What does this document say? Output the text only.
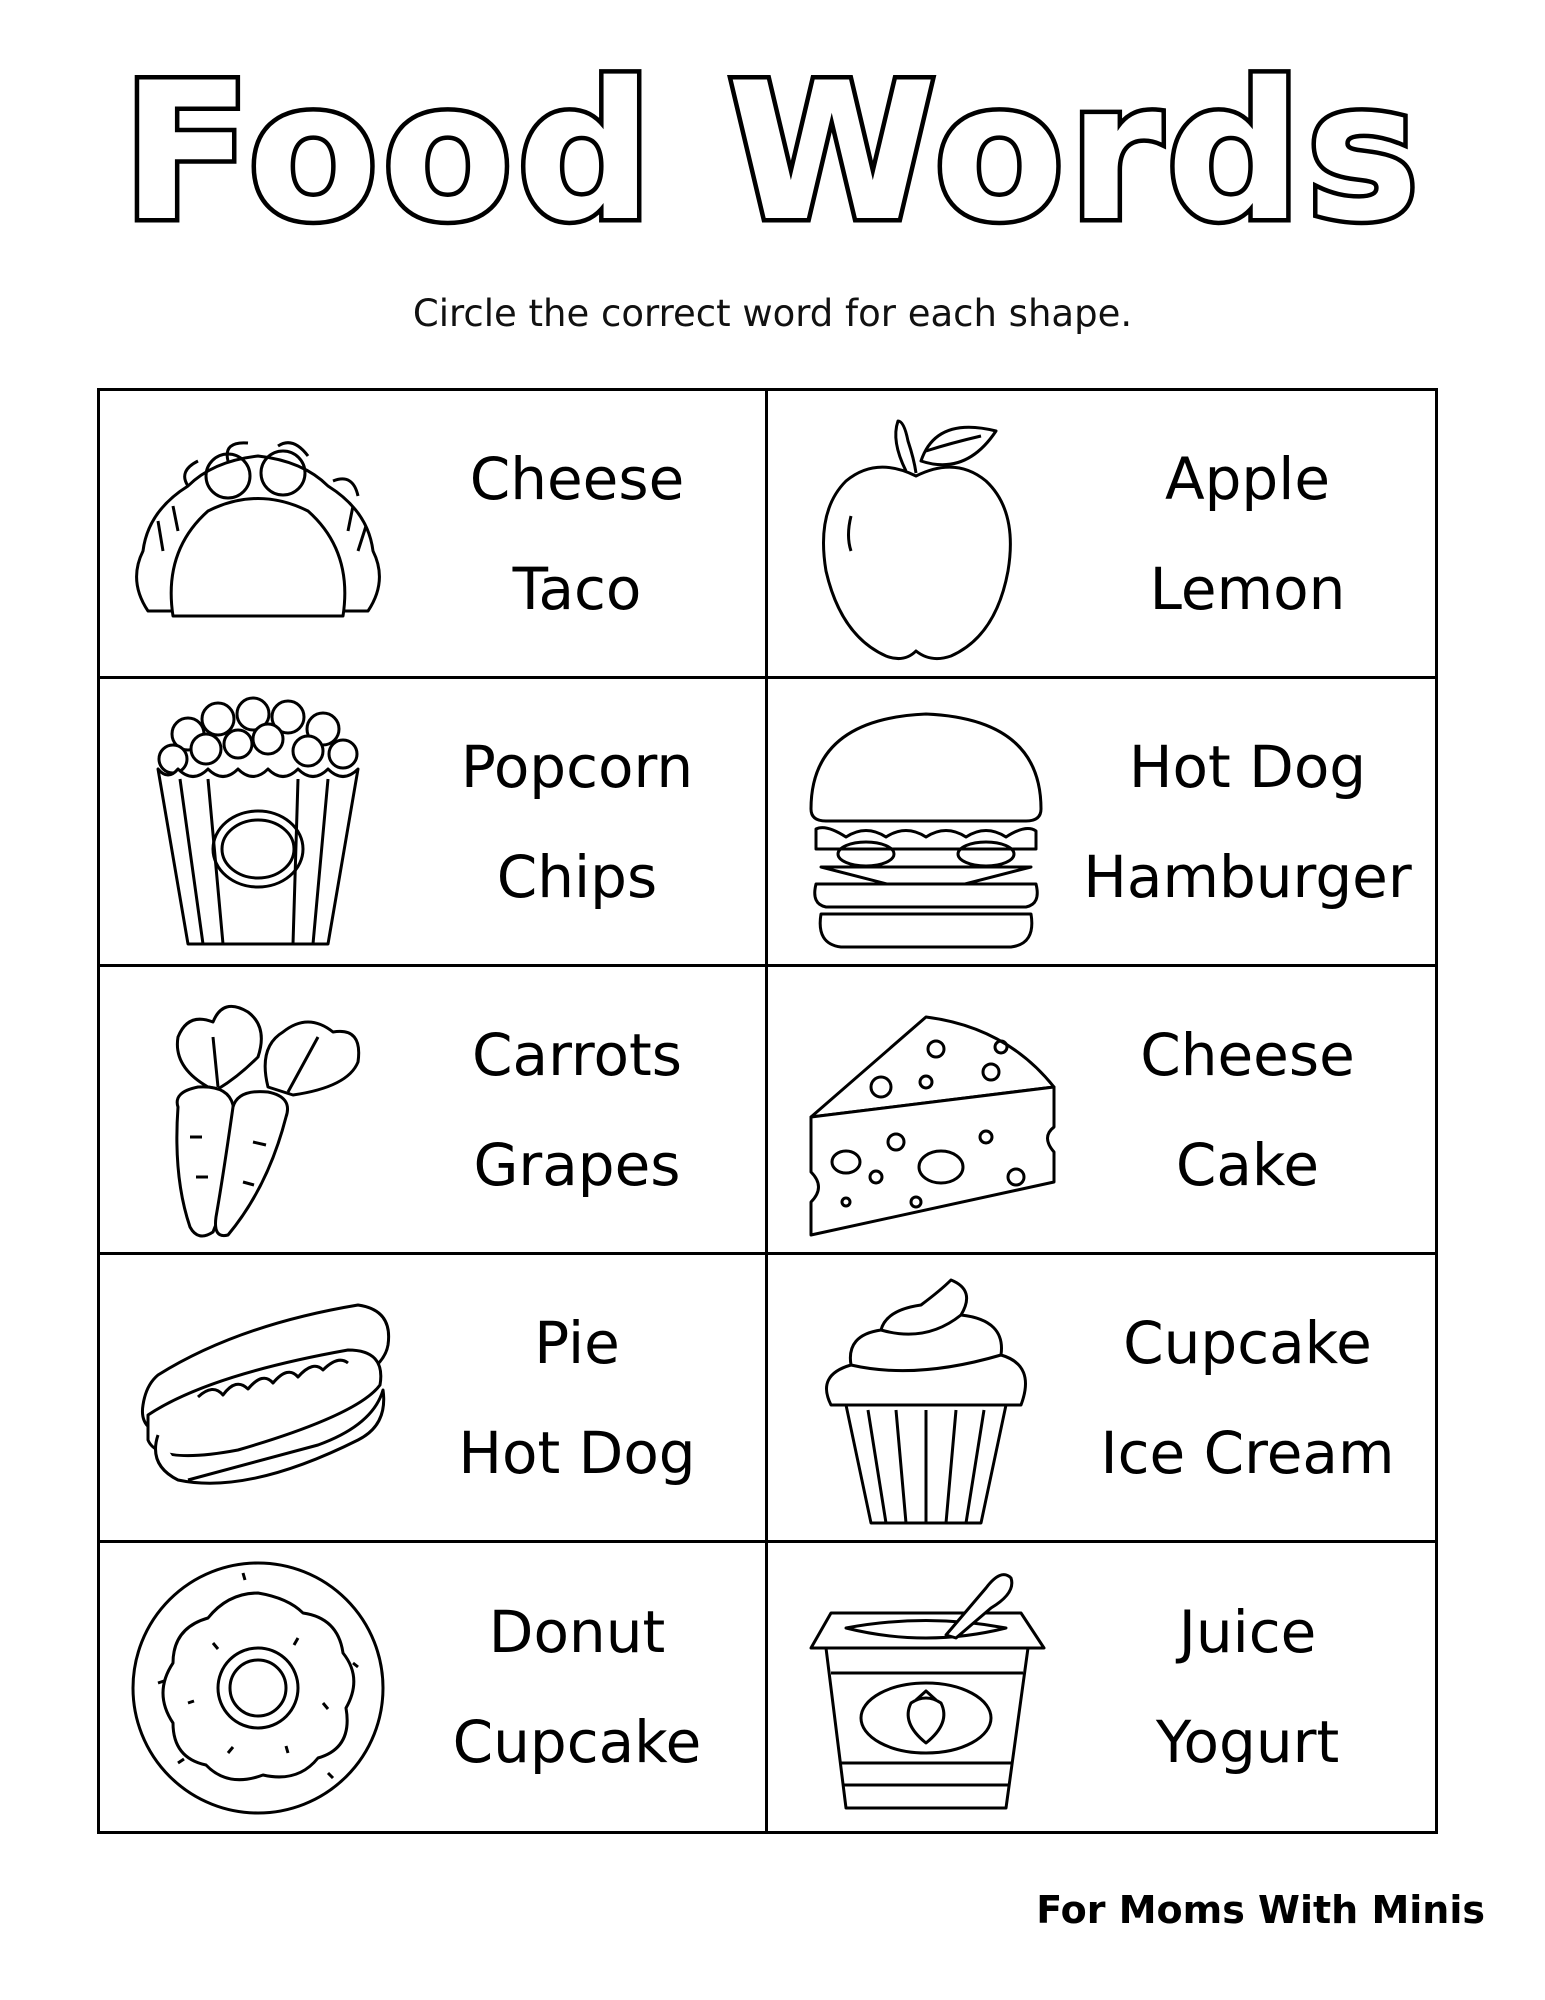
Food Words
Circle the correct word for each shape.
Cheese
Taco
Apple
Lemon
Popcorn
Chips
Hot Dog
Hamburger
Carrots
Grapes
Cheese
Cake
Pie
Hot Dog
Cupcake
Ice Cream
Donut
Cupcake
Juice
Yogurt
For Moms With Minis
